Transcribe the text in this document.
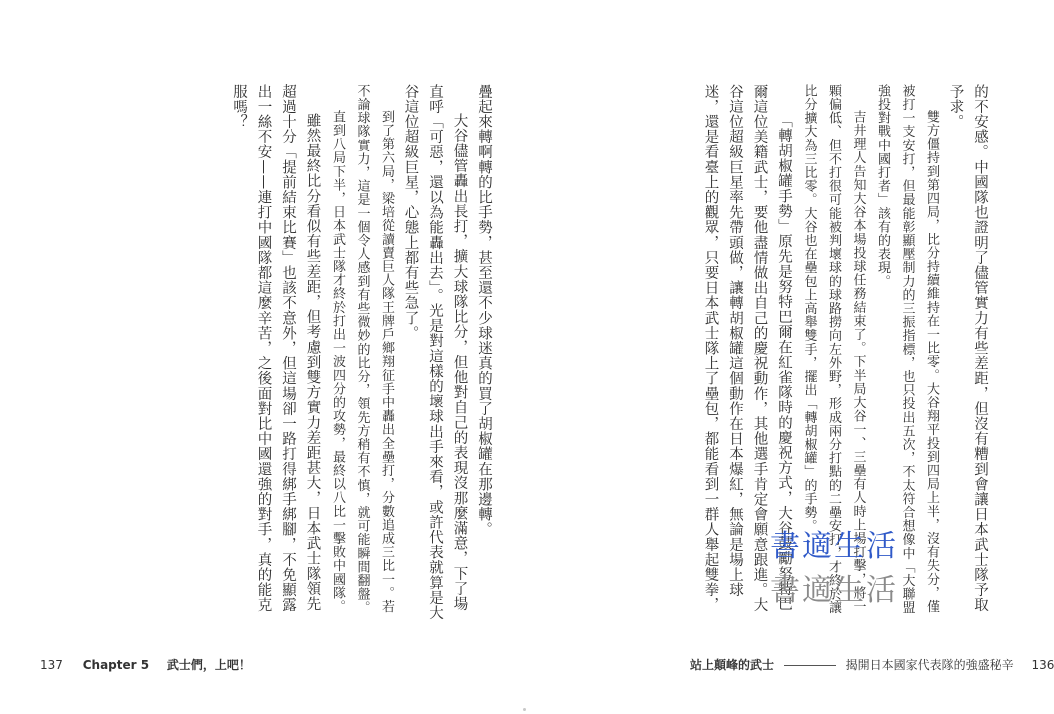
的不安感。中國隊也證明了儘管實力有些差距，但沒有糟到會讓日本武士隊予取予求。

雙方僵持到第四局，比分持續維持在一比零。大谷翔平投到四局上半，沒有失分，僅被打一支安打，但最能彰顯壓制力的三振指標，也只投出五次，不太符合想像中「大聯盟強投對戰中國打者」該有的表現。

吉井理人告知大谷本場投球任務結束了。下半局大谷一、三壘有人時上場打擊，將一顆偏低、但不打很可能被判壞球的球路撈向左外野，形成兩分打點的二壘安打，才終於讓比分擴大為三比零。大谷也在壘包上高舉雙手，擺出「轉胡椒罐」的手勢。

「轉胡椒罐手勢」原先是努特巴爾在紅雀隊時的慶祝方式，大谷鼓勵努特巴爾這位美籍武士，要他盡情做出自己的慶祝動作，其他選手肯定會願意跟進。大谷這位超級巨星率先帶頭做，讓轉胡椒罐這個動作在日本爆紅，無論是場上球迷，還是看臺上的觀眾，只要日本武士隊上了壘包，都能看到一群人舉起雙拳，

疊起來轉啊轉的比手勢，甚至還不少球迷真的買了胡椒罐在那邊轉。

大谷儘管轟出長打，擴大球隊比分，但他對自己的表現沒那麼滿意，下了場直呼「可惡，還以為能轟出去」。光是對這樣的壞球出手來看，或許代表就算是大谷這位超級巨星，心態上都有些急了。

到了第六局，梁培從讀賣巨人隊王牌戶鄉翔征手中轟出全壘打，分數追成三比一。若不論球隊實力，這是一個令人感到有些微妙的比分，領先方稍有不慎，就可能瞬間翻盤。

直到八局下半，日本武士隊才終於打出一波四分的攻勢，最終以八比一擊敗中國隊。

雖然最終比分看似有些差距，但考慮到雙方實力差距甚大，日本武士隊領先超過十分「提前結束比賽」也該不意外，但這場卻一路打得綁手綁腳，不免顯露出一絲不安——連打中國隊都這麼辛苦，之後面對比中國還強的對手，真的能克服嗎？

書適生活
書適生活
137 Chapter 5 武士們，上吧！	站上顛峰的武士	揭開日本國家代表隊的強盛秘辛 136
